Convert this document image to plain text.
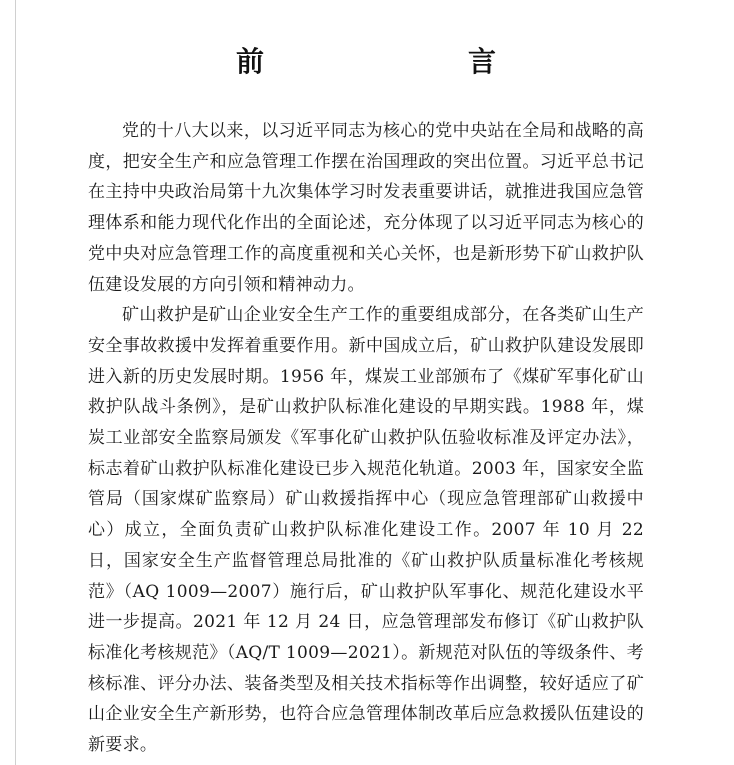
前　言

党的十八大以来，以习近平同志为核心的党中央站在全局和战略的高度，把安全生产和应急管理工作摆在治国理政的突出位置。习近平总书记在主持中央政治局第十九次集体学习时发表重要讲话，就推进我国应急管理体系和能力现代化作出的全面论述，充分体现了以习近平同志为核心的党中央对应急管理工作的高度重视和关心关怀，也是新形势下矿山救护队伍建设发展的方向引领和精神动力。

矿山救护是矿山企业安全生产工作的重要组成部分，在各类矿山生产安全事故救援中发挥着重要作用。新中国成立后，矿山救护队建设发展即进入新的历史发展时期。1956 年，煤炭工业部颁布了《煤矿军事化矿山救护队战斗条例》，是矿山救护队标准化建设的早期实践。1988 年，煤炭工业部安全监察局颁发《军事化矿山救护队伍验收标准及评定办法》，标志着矿山救护队标准化建设已步入规范化轨道。2003 年，国家安全监管局（国家煤矿监察局）矿山救援指挥中心（现应急管理部矿山救援中心）成立，全面负责矿山救护队标准化建设工作。2007 年 10 月 22 日，国家安全生产监督管理总局批准的《矿山救护队质量标准化考核规范》（AQ 1009—2007）施行后，矿山救护队军事化、规范化建设水平进一步提高。2021 年 12 月 24 日，应急管理部发布修订《矿山救护队标准化考核规范》（AQ/T 1009—2021）。新规范对队伍的等级条件、考核标准、评分办法、装备类型及相关技术指标等作出调整，较好适应了矿山企业安全生产新形势，也符合应急管理体制改革后应急救援队伍建设的新要求。
